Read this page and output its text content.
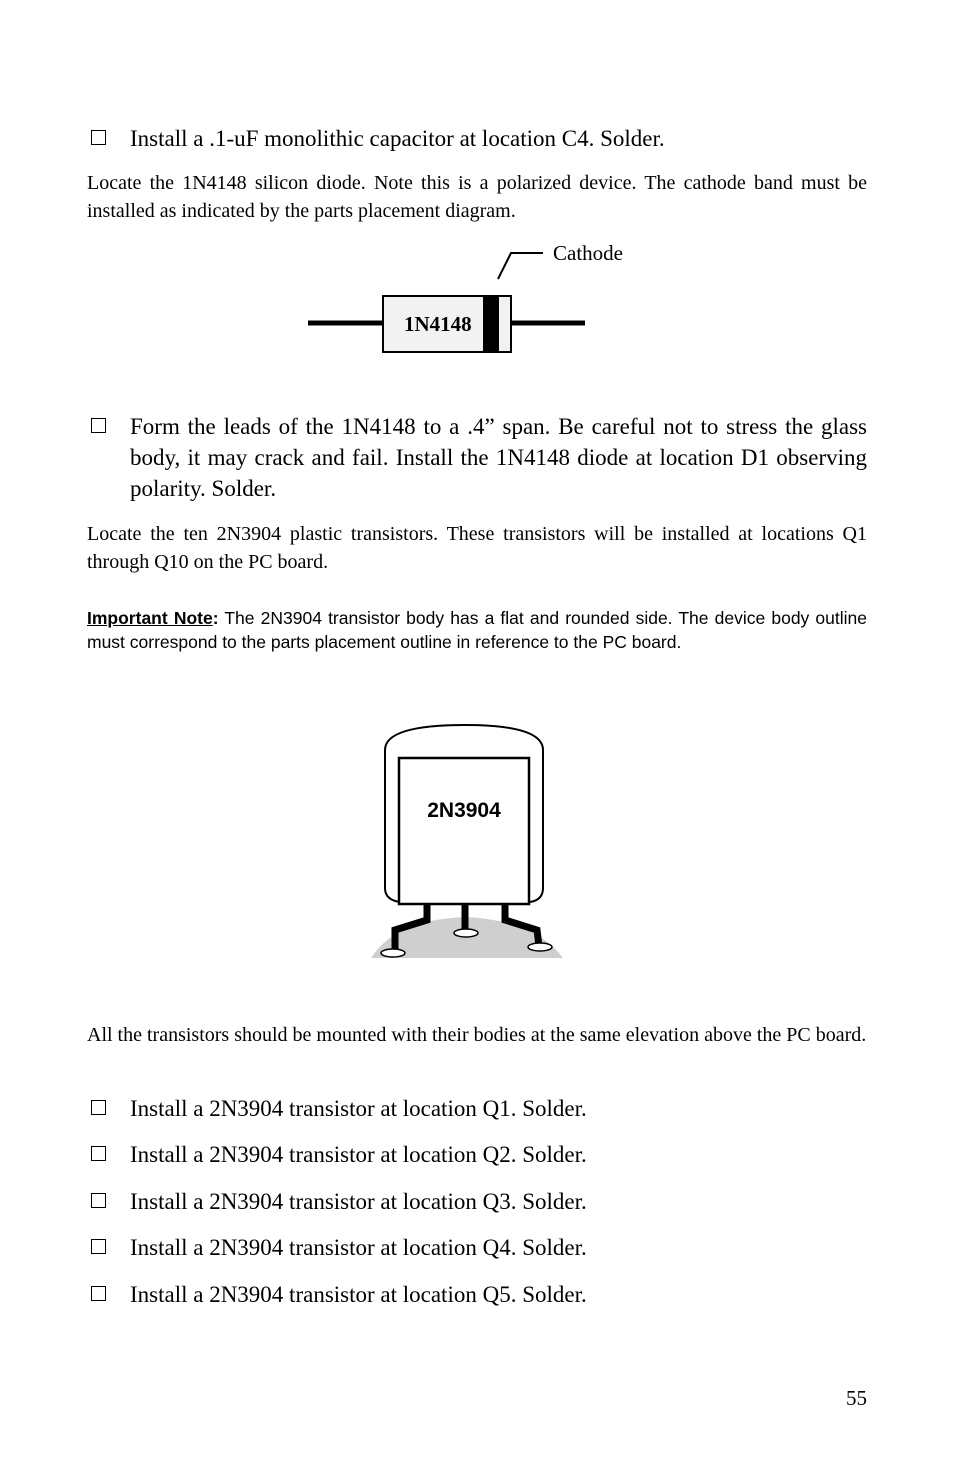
Install a .1-uF monolithic capacitor at location C4. Solder.
Locate the 1N4148 silicon diode. Note this is a polarized device. The cathode band must be installed as indicated by the parts placement diagram.
1N4148
Cathode
Form the leads of the 1N4148 to a .4” span. Be careful not to stress the glass body, it may crack and fail. Install the 1N4148 diode at location D1 observing polarity. Solder.
Locate the ten 2N3904 plastic transistors. These transistors will be installed at locations Q1 through Q10 on the PC board.
Important Note: The 2N3904 transistor body has a flat and rounded side. The device body outline must correspond to the parts placement outline in reference to the PC board.
2N3904
All the transistors should be mounted with their bodies at the same elevation above the PC board.
Install a 2N3904 transistor at location Q1. Solder.
Install a 2N3904 transistor at location Q2. Solder.
Install a 2N3904 transistor at location Q3. Solder.
Install a 2N3904 transistor at location Q4. Solder.
Install a 2N3904 transistor at location Q5. Solder.
55
